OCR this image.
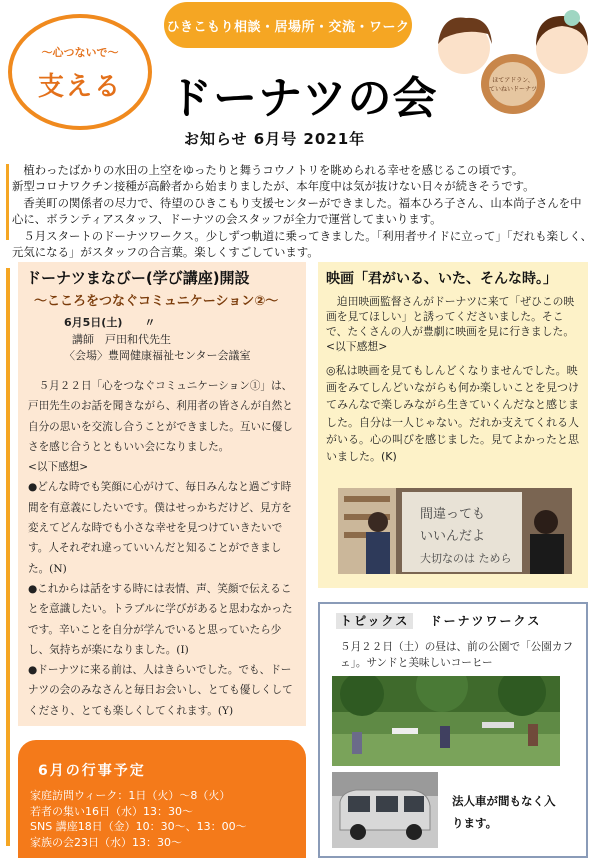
ひきこもり相談・居場所・交流・ワーク
〜心つないで〜
支える	ドーナツの会
お知らせ 6月号 2021年
ほてアドラン、
ていねいドーナツ

植わったばかりの水田の上空をゆったりと舞うコウノトリを眺められる幸せを感じるこの頃です。

新型コロナワクチン接種が高齢者から始まりましたが、本年度中は気が抜けない日々が続きそうです。

香美町の関係者の尽力で、待望のひきこもり支援センターができました。福本ひろ子さん、山本尚子さんを中心に、ボランティアスタッフ、ドーナツの会スタッフが全力で運営してまいります。

５月スタートのドーナツワークス。少しずつ軌道に乗ってきました。「利用者サイドに立って」「だれも楽しく、元気になる」がスタッフの合言葉。楽しくすごしています。

ドーナツまなびー(学び講座)開設
〜こころをつなぐコミュニケーション②〜
6月5日(土)　　〃
講師　戸田和代先生
〈会場〉豊岡健康福祉センター会議室

５月２２日「心をつなぐコミュニケーション①」は、戸田先生のお話を聞きながら、利用者の皆さんが自然と自分の思いを交流し合うことができました。互いに優しさを感じ合うとともいい会になりました。

<以下感想>

●どんな時でも笑顔に心がけて、毎日みんなと過ごす時間を有意義にしたいです。僕はせっかちだけど、見方を変えてどんな時でも小さな幸せを見つけていきたいです。人それぞれ違っていいんだと知ることができました。(N)

●これからは話をする時には表情、声、笑顔で伝えることを意識したい。トラブルに学びがあると思わなかったです。辛いことを自分が学んでいると思っていたら少し、気持ちが楽になりました。(I)

●ドーナツに来る前は、人はきらいでした。でも、ドーナツの会のみなさんと毎日お会いし、とても優しくしてくださり、とても楽しくしてくれます。(Y)

映画「君がいる、いた、そんな時。」

迫田映画監督さんがドーナツに来て「ぜひこの映画を見てほしい」と誘ってくださいました。そこで、たくさんの人が豊劇に映画を見に行きました。<以下感想>

◎私は映画を見てもしんどくなりませんでした。映画をみてしんどいながらも何か楽しいことを見つけてみんなで楽しみながら生きていくんだなと感じました。自分は一人じゃない。だれか支えてくれる人がいる。心の叫びを感じました。見てよかったと思いました。(K)
間違っても
いいんだよ
大切なのは ためら
トピックス ドーナツワークス
５月２２日（土）の昼は、前の公園で「公園カフェ」。サンドと美味しいコーヒー
法人車が間もなく入ります。
6月の行事予定
家庭訪問ウィーク：1日（火）〜8（火）
若者の集い16日（水）13：30〜
SNS 講座18日（金）10：30〜、13：00〜
家族の会23日（水）13：30〜
